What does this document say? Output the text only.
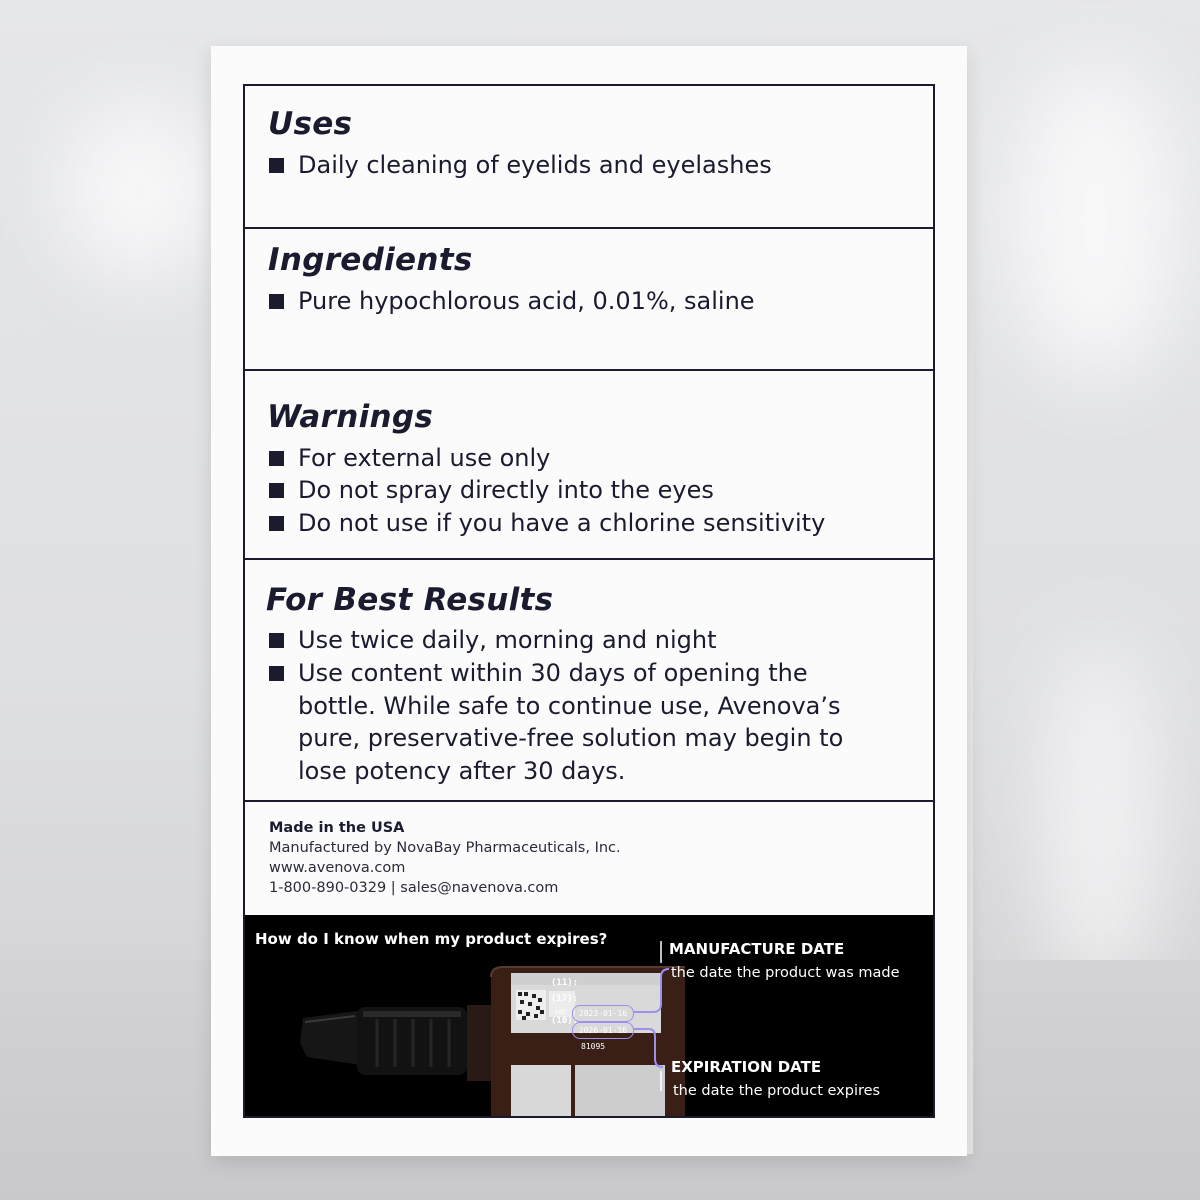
Uses
Daily cleaning of eyelids and eyelashes
Ingredients
Pure hypochlorous acid, 0.01%, saline
Warnings
For external use only
Do not spray directly into the eyes
Do not use if you have a chlorine sensitivity
For Best Results
Use twice daily, morning and night
Use content within 30 days of opening the
bottle. While safe to continue use, Avenova’s
pure, preservative-free solution may begin to
lose potency after 30 days.
Made in the USA
Manufactured by NovaBay Pharmaceuticals, Inc.
www.avenova.com
1-800-890-0329 | sales@navenova.com
How do I know when my product expires?
(11):
(17):
LOT
(10):
2023-01-16
2026-01-16
81095
MANUFACTURE DATE
the date the product was made
EXPIRATION DATE
the date the product expires
